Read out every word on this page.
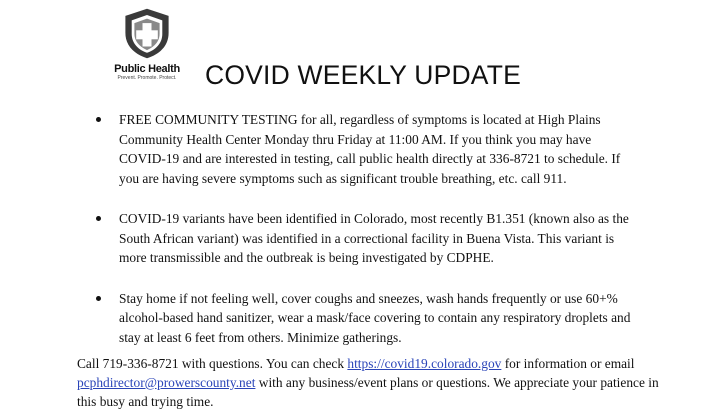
Public Health
Prevent. Promote. Protect.	COVID WEEKLY UPDATE
FREE COMMUNITY TESTING for all, regardless of symptoms is located at High Plains Community Health Center Monday thru Friday at 11:00 AM. If you think you may have COVID-19 and are interested in testing, call public health directly at 336-8721 to schedule. If you are having severe symptoms such as significant trouble breathing, etc. call 911.
COVID-19 variants have been identified in Colorado, most recently B1.351 (known also as the South African variant) was identified in a correctional facility in Buena Vista. This variant is more transmissible and the outbreak is being investigated by CDPHE.
Stay home if not feeling well, cover coughs and sneezes, wash hands frequently or use 60+% alcohol-based hand sanitizer, wear a mask/face covering to contain any respiratory droplets and stay at least 6 feet from others. Minimize gatherings.

Call 719-336-8721 with questions. You can check https://covid19.colorado.gov for information or email pcphdirector@prowerscounty.net with any business/event plans or questions. We appreciate your patience in this busy and trying time.
